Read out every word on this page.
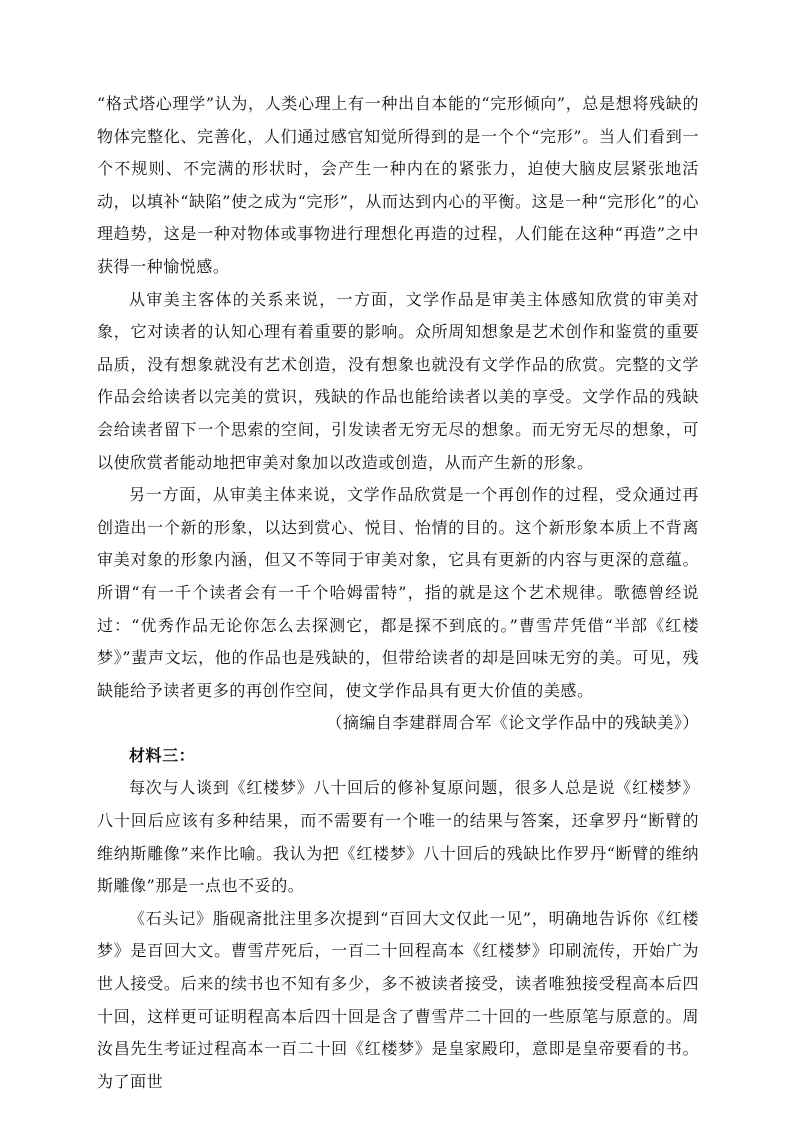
“格式塔心理学”认为，人类心理上有一种出自本能的“完形倾向”，总是想将残缺的物体完整化、完善化，人们通过感官知觉所得到的是一个个“完形”。当人们看到一个不规则、不完满的形状时，会产生一种内在的紧张力，迫使大脑皮层紧张地活动，以填补“缺陷”使之成为“完形”，从而达到内心的平衡。这是一种“完形化”的心理趋势，这是一种对物体或事物进行理想化再造的过程，人们能在这种“再造”之中获得一种愉悦感。

从审美主客体的关系来说，一方面，文学作品是审美主体感知欣赏的审美对象，它对读者的认知心理有着重要的影响。众所周知想象是艺术创作和鉴赏的重要品质，没有想象就没有艺术创造，没有想象也就没有文学作品的欣赏。完整的文学作品会给读者以完美的赏识，残缺的作品也能给读者以美的享受。文学作品的残缺会给读者留下一个思索的空间，引发读者无穷无尽的想象。而无穷无尽的想象，可以使欣赏者能动地把审美对象加以改造或创造，从而产生新的形象。

另一方面，从审美主体来说，文学作品欣赏是一个再创作的过程，受众通过再创造出一个新的形象，以达到赏心、悦目、怡情的目的。这个新形象本质上不背离审美对象的形象内涵，但又不等同于审美对象，它具有更新的内容与更深的意蕴。所谓“有一千个读者会有一千个哈姆雷特”，指的就是这个艺术规律。歌德曾经说过：“优秀作品无论你怎么去探测它，都是探不到底的。”曹雪芹凭借“半部《红楼梦》”蜚声文坛，他的作品也是残缺的，但带给读者的却是回味无穷的美。可见，残缺能给予读者更多的再创作空间，使文学作品具有更大价值的美感。

（摘编自李建群周合军《论文学作品中的残缺美》）

材料三：

每次与人谈到《红楼梦》八十回后的修补复原问题，很多人总是说《红楼梦》八十回后应该有多种结果，而不需要有一个唯一的结果与答案，还拿罗丹“断臂的维纳斯雕像”来作比喻。我认为把《红楼梦》八十回后的残缺比作罗丹“断臂的维纳斯雕像”那是一点也不妥的。

《石头记》脂砚斋批注里多次提到“百回大文仅此一见”，明确地告诉你《红楼梦》是百回大文。曹雪芹死后，一百二十回程高本《红楼梦》印刷流传，开始广为世人接受。后来的续书也不知有多少，多不被读者接受，读者唯独接受程高本后四十回，这样更可证明程高本后四十回是含了曹雪芹二十回的一些原笔与原意的。周汝昌先生考证过程高本一百二十回《红楼梦》是皇家殿印，意即是皇帝要看的书。为了面世
